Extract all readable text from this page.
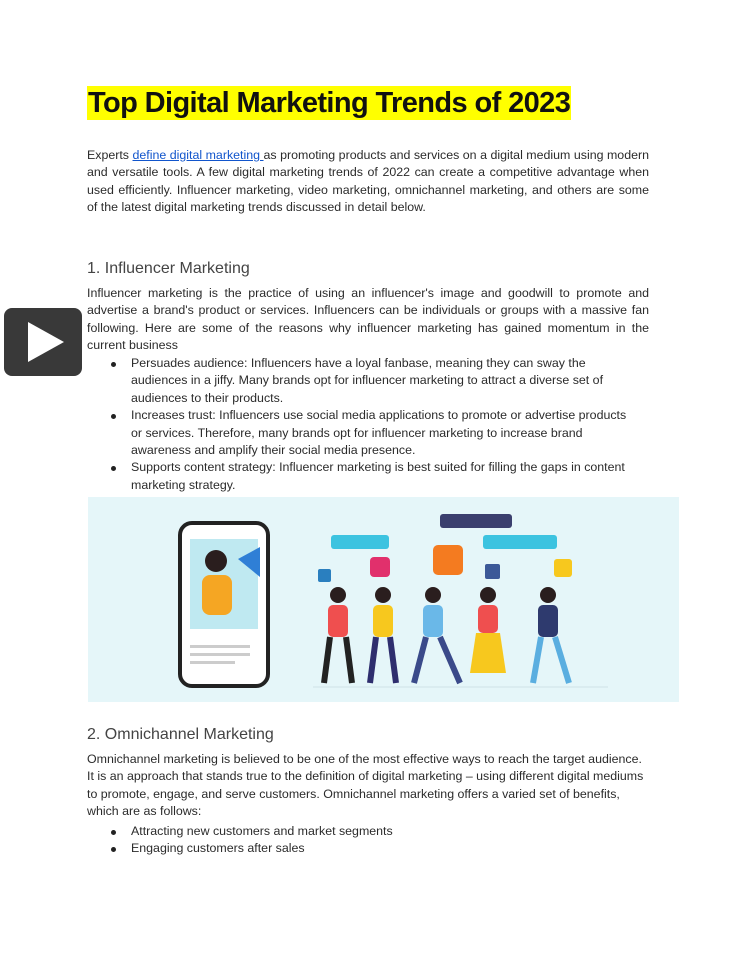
Top Digital Marketing Trends of 2023

Experts define digital marketing as promoting products and services on a digital medium using modern and versatile tools. A few digital marketing trends of 2022 can create a competitive advantage when used efficiently. Influencer marketing, video marketing, omnichannel marketing, and others are some of the latest digital marketing trends discussed in detail below.

1. Influencer Marketing

Influencer marketing is the practice of using an influencer's image and goodwill to promote and advertise a brand's product or services. Influencers can be individuals or groups with a massive fan following. Here are some of the reasons why influencer marketing has gained momentum in the current business

Persuades audience: Influencers have a loyal fanbase, meaning they can sway the audiences in a jiffy. Many brands opt for influencer marketing to attract a diverse set of audiences to their products.
Increases trust: Influencers use social media applications to promote or advertise products or services. Therefore, many brands opt for influencer marketing to increase brand awareness and amplify their social media presence.
Supports content strategy: Influencer marketing is best suited for filling the gaps in content marketing strategy.
2. Omnichannel Marketing

Omnichannel marketing is believed to be one of the most effective ways to reach the target audience. It is an approach that stands true to the definition of digital marketing – using different digital mediums to promote, engage, and serve customers. Omnichannel marketing offers a varied set of benefits, which are as follows:

Attracting new customers and market segments
Engaging customers after sales
